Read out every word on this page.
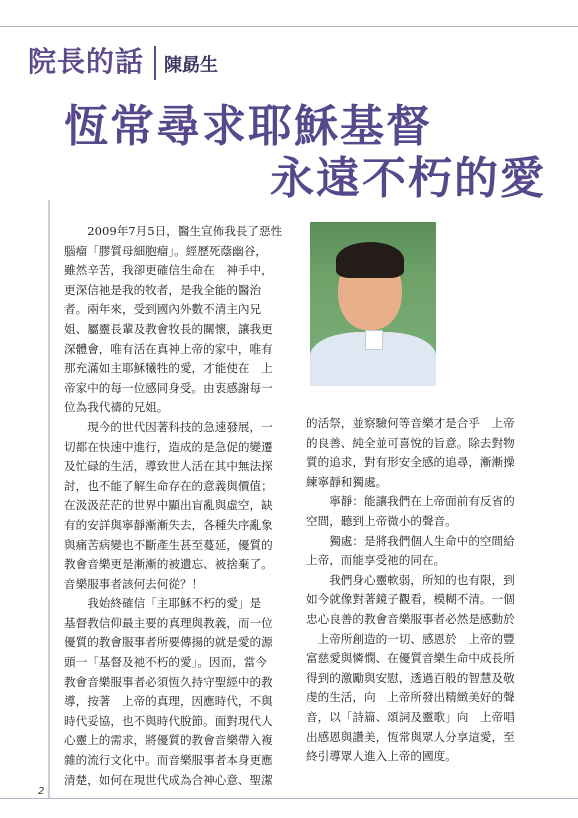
院長的話 陳勗生
恆常尋求耶穌基督
永遠不朽的愛

2009年7月5日，醫生宣佈我長了惡性

腦瘤「膠質母細胞瘤」。經歷死蔭幽谷，

雖然辛苦，我卻更確信生命在　神手中，

更深信祂是我的牧者，是我全能的醫治

者。兩年來，受到國內外數不清主內兄

姐、屬靈長輩及教會牧長的關懷，讓我更

深體會，唯有活在真神上帝的家中，唯有

那充滿如主耶穌犧牲的愛，才能使在　上

帝家中的每一位感同身受。由衷感謝每一

位為我代禱的兄姐。

現今的世代因著科技的急速發展，一

切都在快速中進行，造成的是急促的變遷

及忙碌的生活，導致世人活在其中無法探

討，也不能了解生命存在的意義與價值；

在汲汲茫茫的世界中顯出盲亂與虛空，缺

有的安詳與寧靜漸漸失去，各種失序亂象

與痛苦病變也不斷產生甚至蔓延，優質的

教會音樂更是漸漸的被遺忘、被捨棄了。

音樂服事者該何去何從？！

我始終確信「主耶穌不朽的愛」是

基督教信仰最主要的真理與教義，而一位

優質的教會服事者所要傳揚的就是愛的源

頭一「基督及祂不朽的愛」。因而，當今

教會音樂服事者必須恆久持守聖經中的教

導，按著　上帝的真理，因應時代，不與

時代妥協，也不與時代脫節。面對現代人

心靈上的需求，將優質的教會音樂帶入複

雜的流行文化中。而音樂服事者本身更應

清楚，如何在現世代成為合神心意、聖潔

的活祭，並察驗何等音樂才是合乎　上帝

的良善、純全並可喜悅的旨意。除去對物

質的追求，對有形安全感的追尋，漸漸操

練寧靜和獨處。

寧靜：能讓我們在上帝面前有反省的

空間，聽到上帝微小的聲音。

獨處：是將我們個人生命中的空間給

上帝，而能享受祂的同在。

我們身心靈軟弱，所知的也有限，到

如今就像對著鏡子觀看，模糊不清。一個

忠心良善的教會音樂服事者必然是感動於

　上帝所創造的一切、感恩於　上帝的豐

富慈愛與憐憫、在優質音樂生命中成長所

得到的激勵與安慰，透過百般的智慧及敬

虔的生活，向　上帝所發出精緻美好的聲

音，以「詩篇、頌詞及靈歌」向　上帝唱

出感恩與讚美，恆常與眾人分享這愛，至

終引導眾人進入上帝的國度。

2
